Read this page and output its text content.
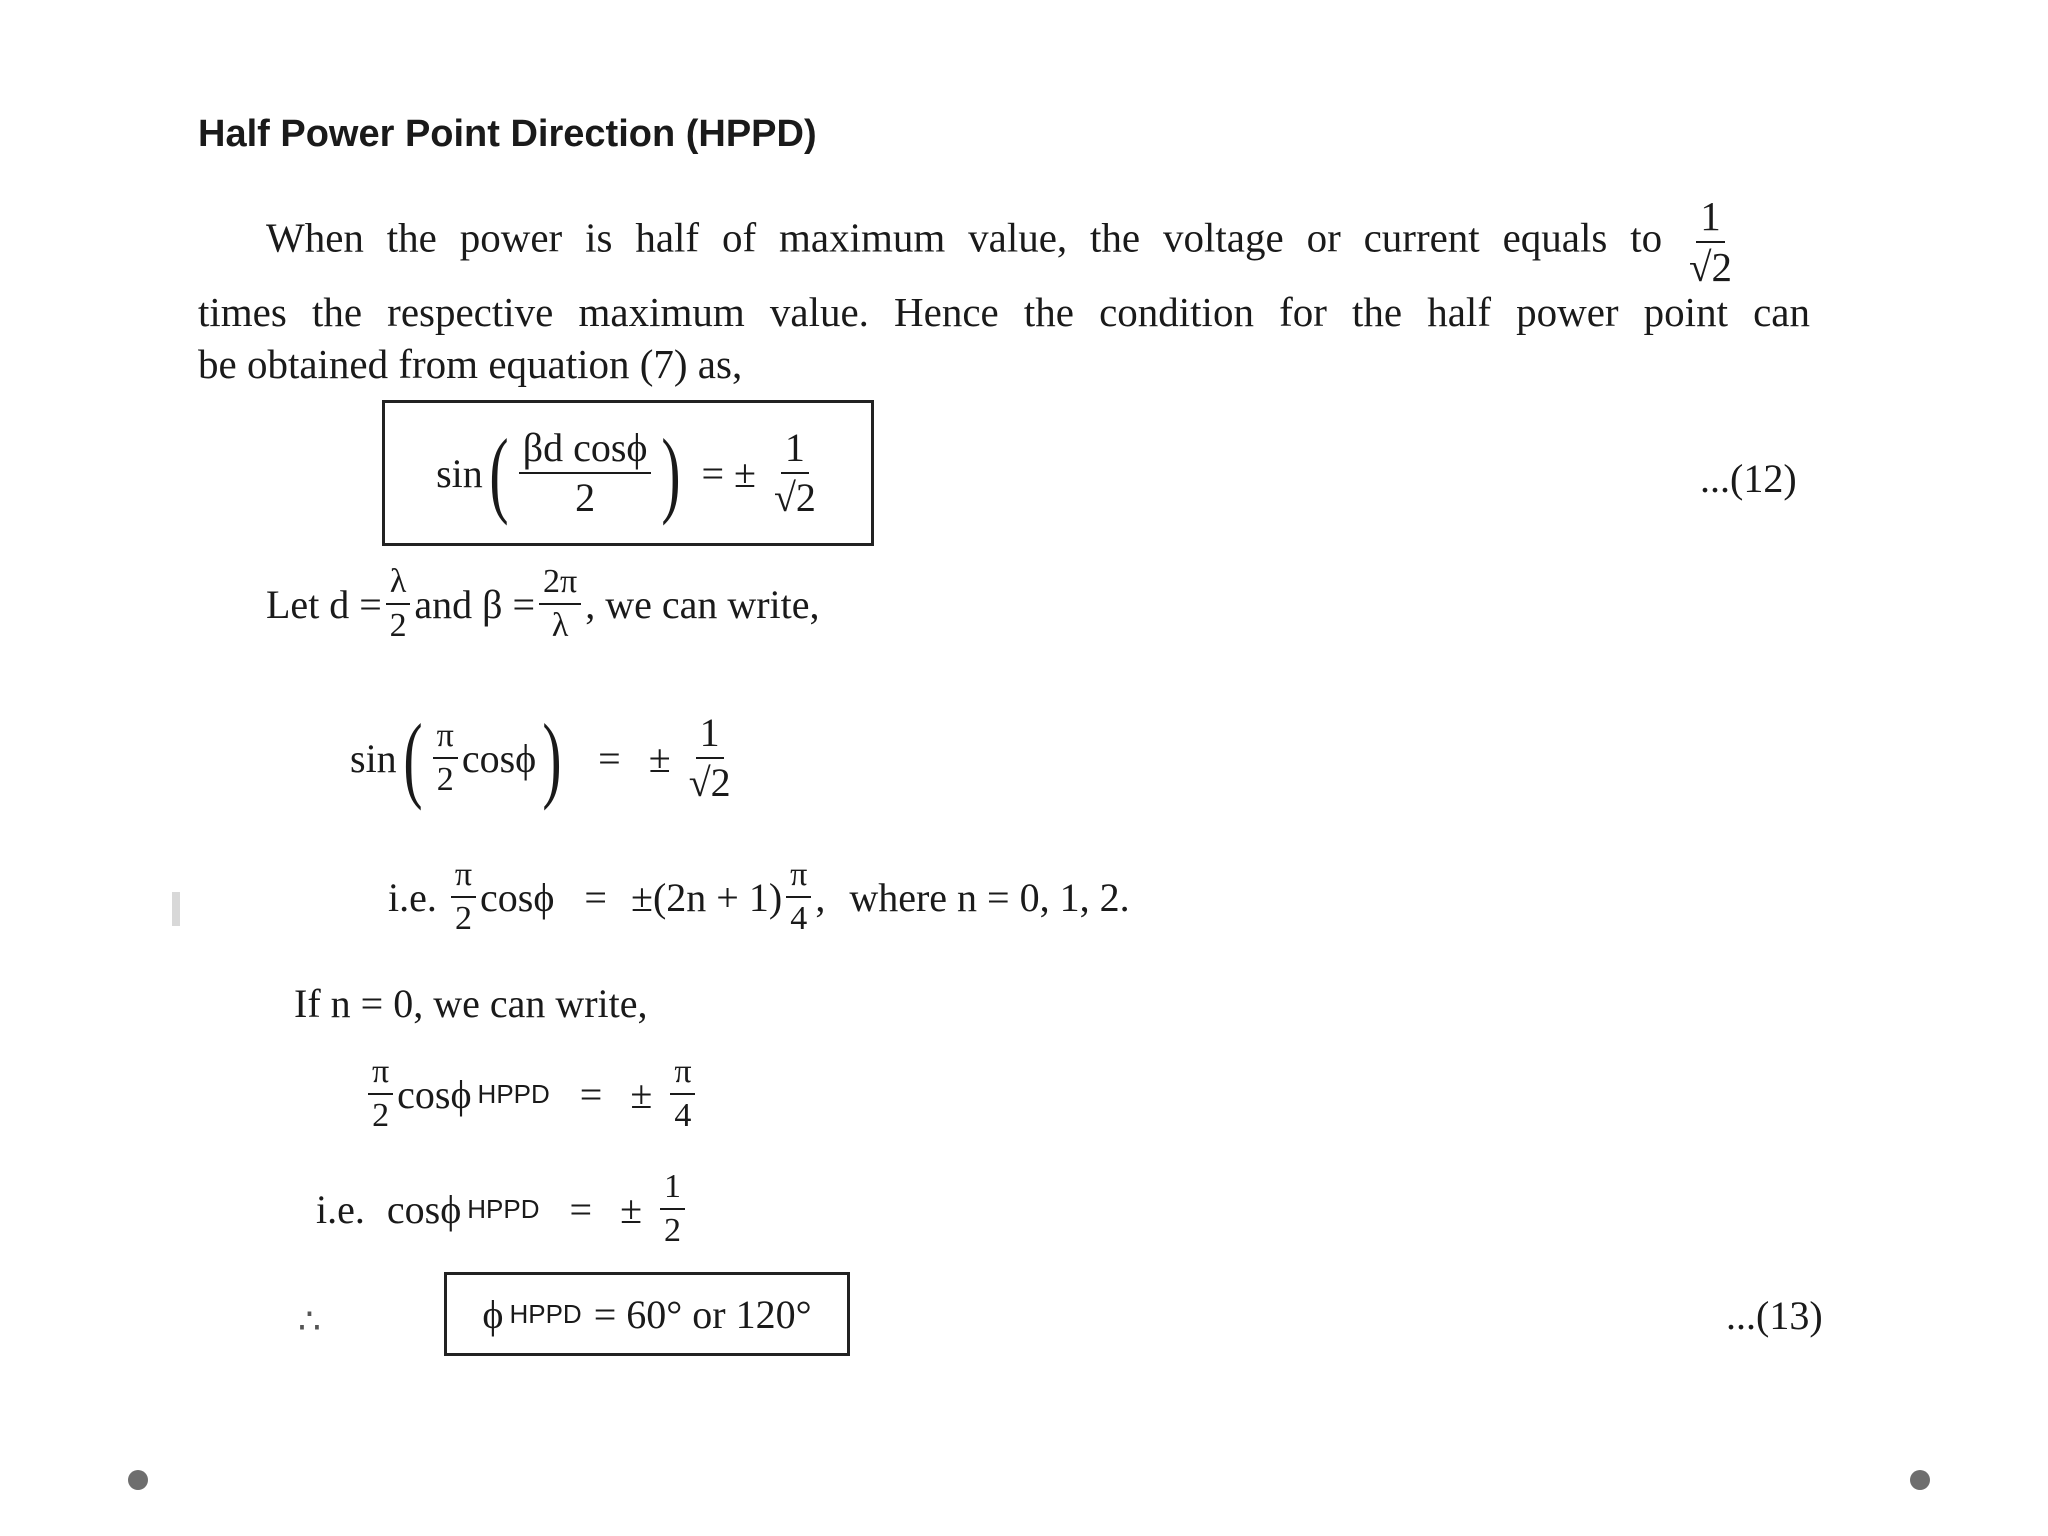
Half Power Point Direction (HPPD)
When the power is half of maximum value, the voltage or current equals to $\frac{1}{√2}$
times the respective maximum value. Hence the condition for the half power point can
be obtained from equation (7) as,
sin ( $\frac{\text{βd cosϕ}}{2}$ ) = ± $\frac{1}{√2}$	...(12)
Let $d = \frac{\lambda}{2}$ and $\beta = \frac{2\pi}{\lambda}$ , we can write,
sin ( $\frac{\pi}{2}$ cosϕ ) = ± $\frac{1}{√2}$
i.e. $\frac{\pi}{2}$ $\cos\phi = \pm(2n + 1) \frac{\pi}{4}$ , where n = 0, 1, 2.
If n = 0, we can write,
$\frac{\pi}{2}$ cosϕ HPPD = ± $\frac{\pi}{4}$
i.e. cosϕ HPPD = ± $\frac{1}{2}$
∴	ϕ HPPD = 60° or 120°	...(13)
